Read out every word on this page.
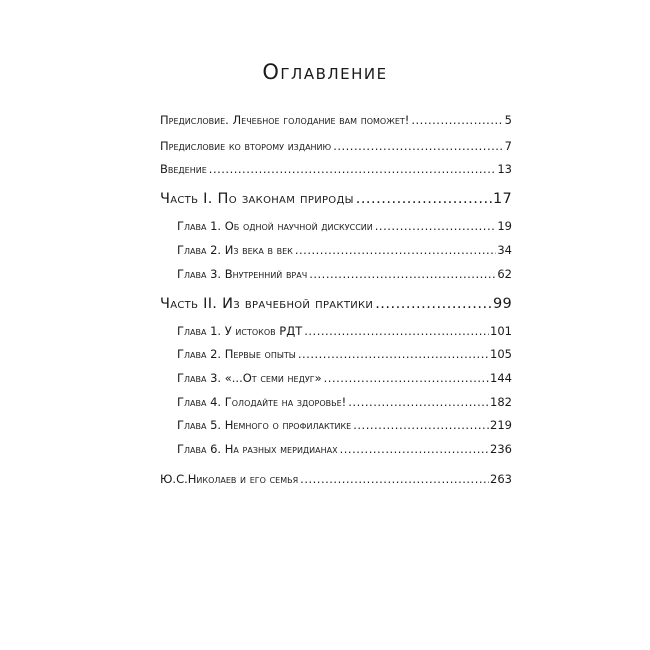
Оглавление
Предисловие. Лечебное голодание вам поможет! .....	5
Предисловие ко второму изданию .....	7
Введение .....	13
Часть I. По законам природы .....	17
Глава 1. Об одной научной дискуссии .....	19
Глава 2. Из века в век .....	34
Глава 3. Внутренний врач .....	62
Часть II. Из врачебной практики .....	99
Глава 1. У истоков РДТ .....	101
Глава 2. Первые опыты .....	105
Глава 3. «...От семи недуг» .....	144
Глава 4. Голодайте на здоровье! .....	182
Глава 5. Немного о профилактике .....	219
Глава 6. На разных меридианах .....	236
Ю.С.Николаев и его семья .....	263
